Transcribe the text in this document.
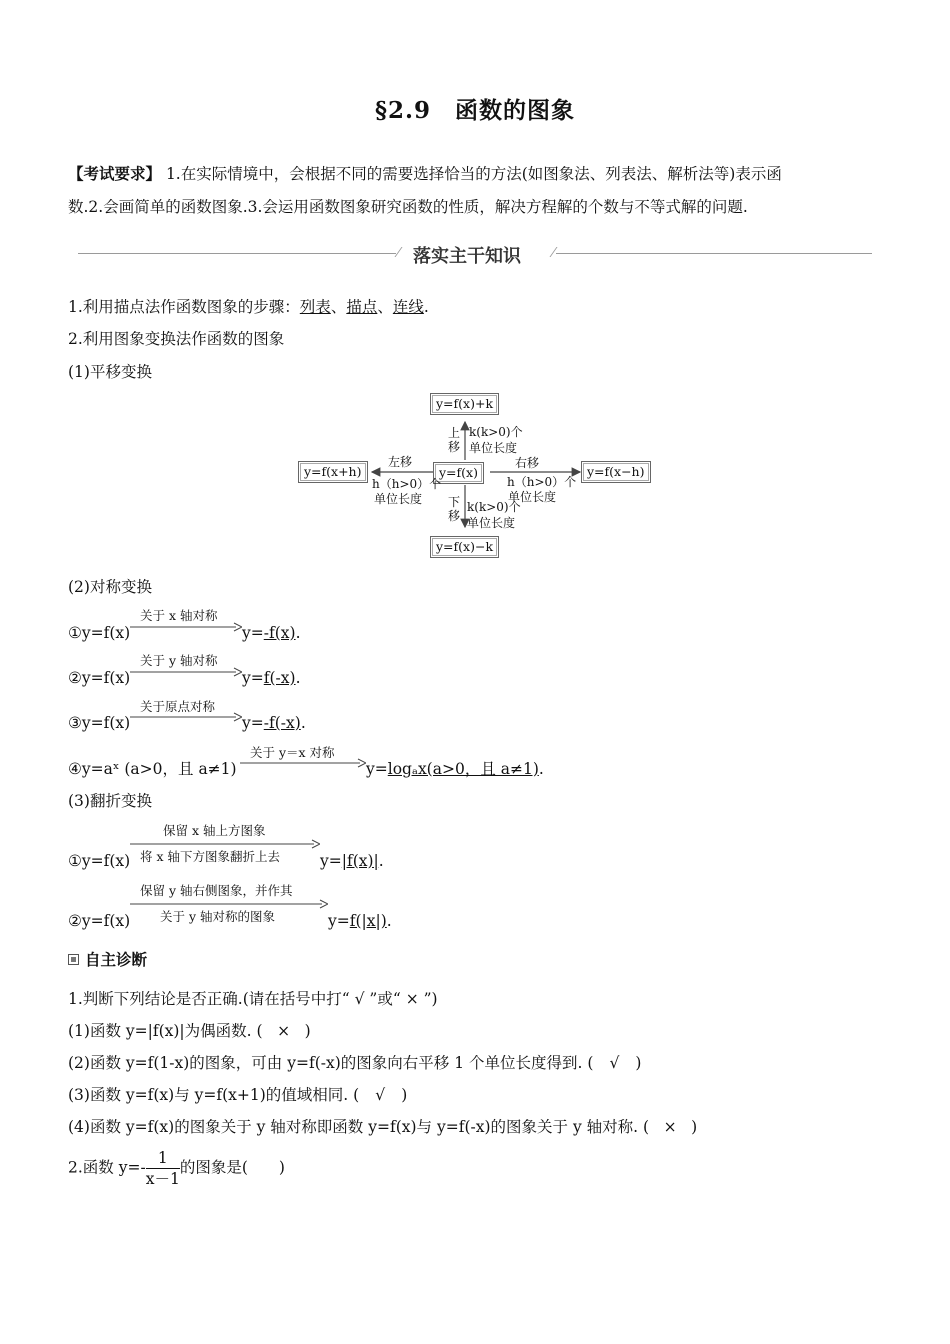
§2.9　函数的图象
【考试要求】 1.在实际情境中，会根据不同的需要选择恰当的方法(如图象法、列表法、解析法等)表示函
数.2.会画简单的函数图象.3.会运用函数图象研究函数的性质，解决方程解的个数与不等式解的问题.
落实主干知识
1.利用描点法作函数图象的步骤：列表、描点、连线.
2.利用图象变换法作函数的图象
(1)平移变换
y=f(x)+k
y=f(x)
y=f(x)−k
y=f(x+h)	y=f(x−h)
上
移
k(k>0)个
单位长度
下
移
k(k>0)个
单位长度
左移
h（h>0）个
单位长度
右移
h（h>0）个
单位长度
(2)对称变换
①y=f(x)
关于 x 轴对称
y=-f(x).
②y=f(x)
关于 y 轴对称
y=f(-x).
③y=f(x)
关于原点对称
y=-f(-x).
④y=aˣ (a>0，且 a≠1)
关于 y＝x 对称
y=logₐx(a>0，且 a≠1).
(3)翻折变换
①y=f(x)
保留 x 轴上方图象
将 x 轴下方图象翻折上去	y=|f(x)|.
②y=f(x)
保留 y 轴右侧图象，并作其
关于 y 轴对称的图象	y=f(|x|).
自主诊断
1.判断下列结论是否正确.(请在括号中打“ √ ”或“ × ”)
(1)函数 y=|f(x)|为偶函数. ( × )
(2)函数 y=f(1-x)的图象，可由 y=f(-x)的图象向右平移 1 个单位长度得到. ( √ )
(3)函数 y=f(x)与 y=f(x+1)的值域相同. ( √ )
(4)函数 y=f(x)的图象关于 y 轴对称即函数 y=f(x)与 y=f(-x)的图象关于 y 轴对称. ( × )
2.函数 $y=- \frac{1}{x-1}$ 的图象是(　　)
